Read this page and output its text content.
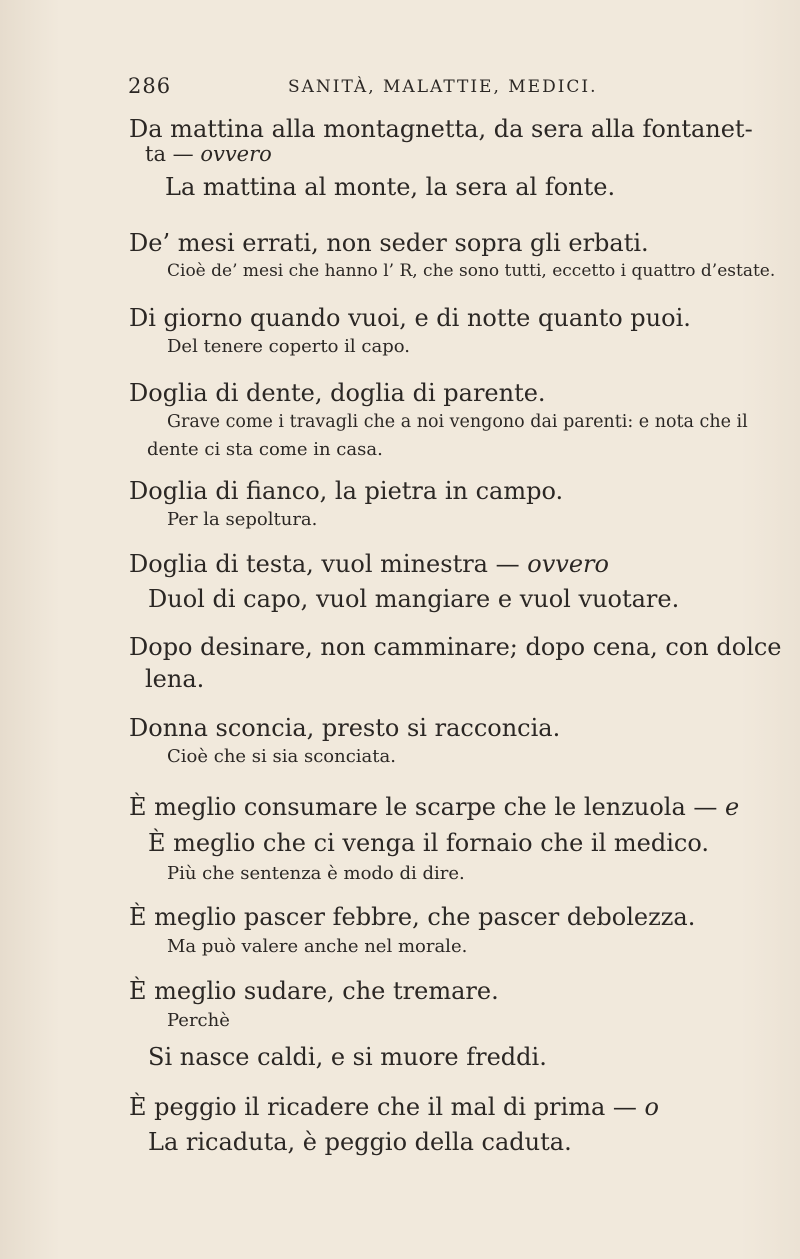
286	SANITÀ, MALATTIE, MEDICI.
Da mattina alla montagnetta, da sera alla fontanet-
ta — ovvero
La mattina al monte, la sera al fonte.
De’ mesi errati, non seder sopra gli erbati.
Cioè de’ mesi che hanno l’ R, che sono tutti, eccetto i quattro d’estate.
Di giorno quando vuoi, e di notte quanto puoi.
Del tenere coperto il capo.
Doglia di dente, doglia di parente.
Grave come i travagli che a noi vengono dai parenti: e nota che il
dente ci sta come in casa.
Doglia di fianco, la pietra in campo.
Per la sepoltura.
Doglia di testa, vuol minestra — ovvero
Duol di capo, vuol mangiare e vuol vuotare.
Dopo desinare, non camminare; dopo cena, con dolce
lena.
Donna sconcia, presto si racconcia.
Cioè che si sia sconciata.
È meglio consumare le scarpe che le lenzuola — e
È meglio che ci venga il fornaio che il medico.
Più che sentenza è modo di dire.
È meglio pascer febbre, che pascer debolezza.
Ma può valere anche nel morale.
È meglio sudare, che tremare.
Perchè
Si nasce caldi, e si muore freddi.
È peggio il ricadere che il mal di prima — o
La ricaduta, è peggio della caduta.
